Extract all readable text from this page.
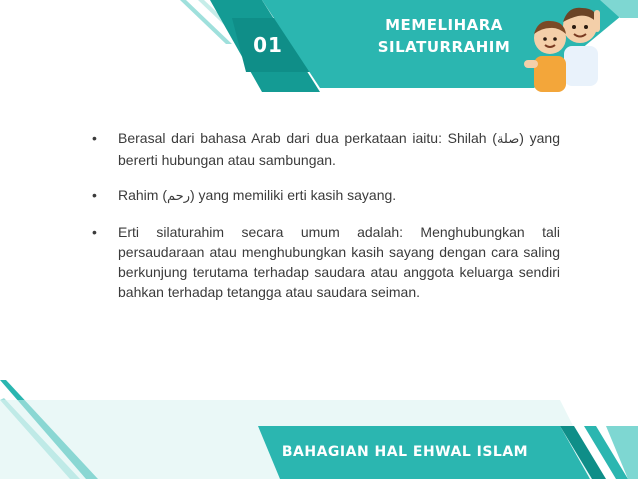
01
MEMELIHARA
SILATURRAHIM
• Berasal dari bahasa Arab dari dua perkataan iaitu: Shilah (صلة) yang bererti hubungan atau sambungan.
• Rahim (رحم) yang memiliki erti kasih sayang.
• Erti silaturahim secara umum adalah: Menghubungkan tali persaudaraan atau menghubungkan kasih sayang dengan cara saling berkunjung terutama terhadap saudara atau anggota keluarga sendiri bahkan terhadap tetangga atau saudara seiman.
BAHAGIAN HAL EHWAL ISLAM
